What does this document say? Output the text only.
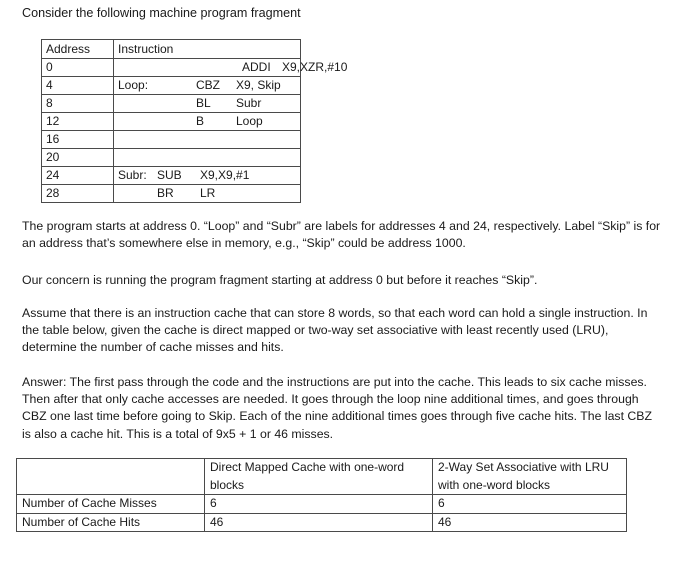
Consider the following machine program fragment
Address	Instruction
0	ADDI X9,XZR,#10

4	Loop: CBZ X9, Skip

8	BL Subr

12	B Loop

16	
20	
24	Subr: SUB X9,X9,#1

28	BR LR

The program starts at address 0. “Loop” and “Subr” are labels for addresses 4 and 24, respectively. Label “Skip” is for an address that’s somewhere else in memory, e.g., “Skip” could be address 1000.

Our concern is running the program fragment starting at address 0 but before it reaches “Skip”.

Assume that there is an instruction cache that can store 8 words, so that each word can hold a single instruction. In the table below, given the cache is direct mapped or two-way set associative with least recently used (LRU), determine the number of cache misses and hits.

Answer: The first pass through the code and the instructions are put into the cache. This leads to six cache misses. Then after that only cache accesses are needed. It goes through the loop nine additional times, and goes through CBZ one last time before going to Skip. Each of the nine additional times goes through five cache hits. The last CBZ is also a cache hit. This is a total of 9x5 + 1 or 46 misses.

	Direct Mapped Cache with one-word blocks	2-Way Set Associative with LRU with one-word blocks
Number of Cache Misses	6	6
Number of Cache Hits	46	46
